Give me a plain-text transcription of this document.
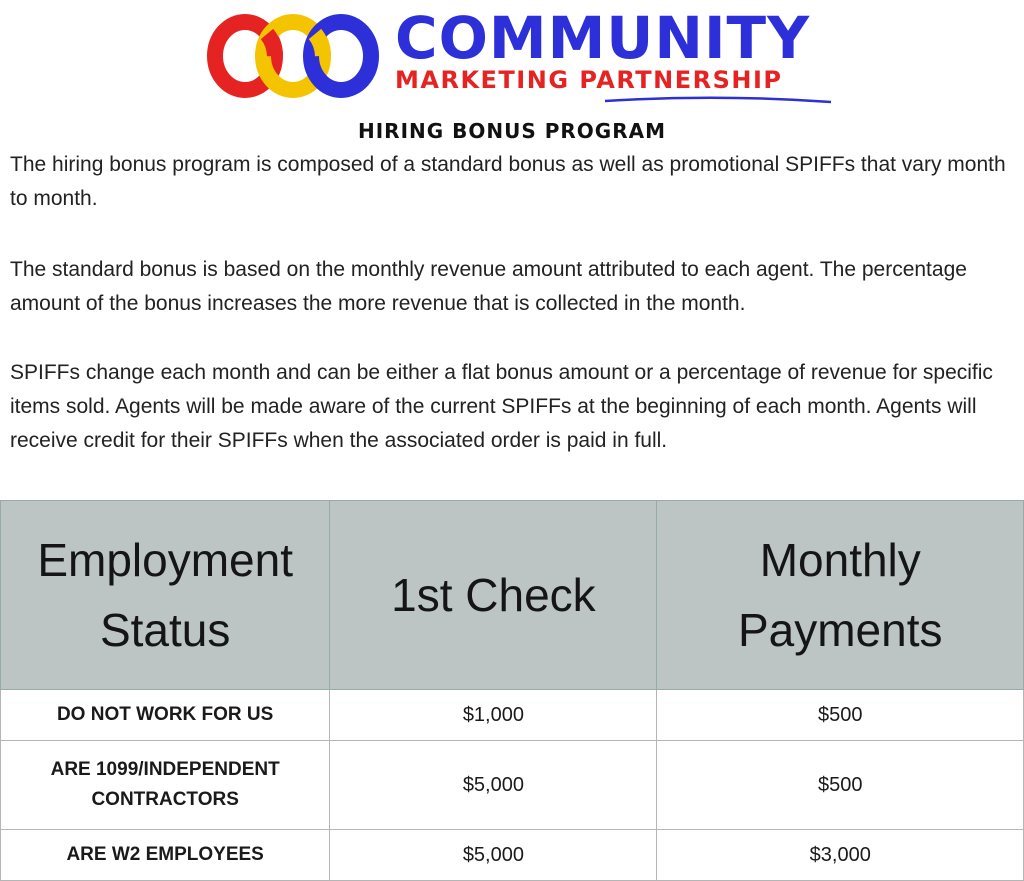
COMMUNITY
MARKETING PARTNERSHIP
HIRING BONUS PROGRAM

The hiring bonus program is composed of a standard bonus as well as promotional SPIFFs that vary month to month.

The standard bonus is based on the monthly revenue amount attributed to each agent. The percentage amount of the bonus increases the more revenue that is collected in the month.

SPIFFs change each month and can be either a flat bonus amount or a percentage of revenue for specific items sold. Agents will be made aware of the current SPIFFs at the beginning of each month. Agents will receive credit for their SPIFFs when the associated order is paid in full.

Employment Status	1st Check	Monthly Payments
DO NOT WORK FOR US	$1,000	$500
ARE 1099/INDEPENDENT CONTRACTORS	$5,000	$500
ARE W2 EMPLOYEES	$5,000	$3,000
